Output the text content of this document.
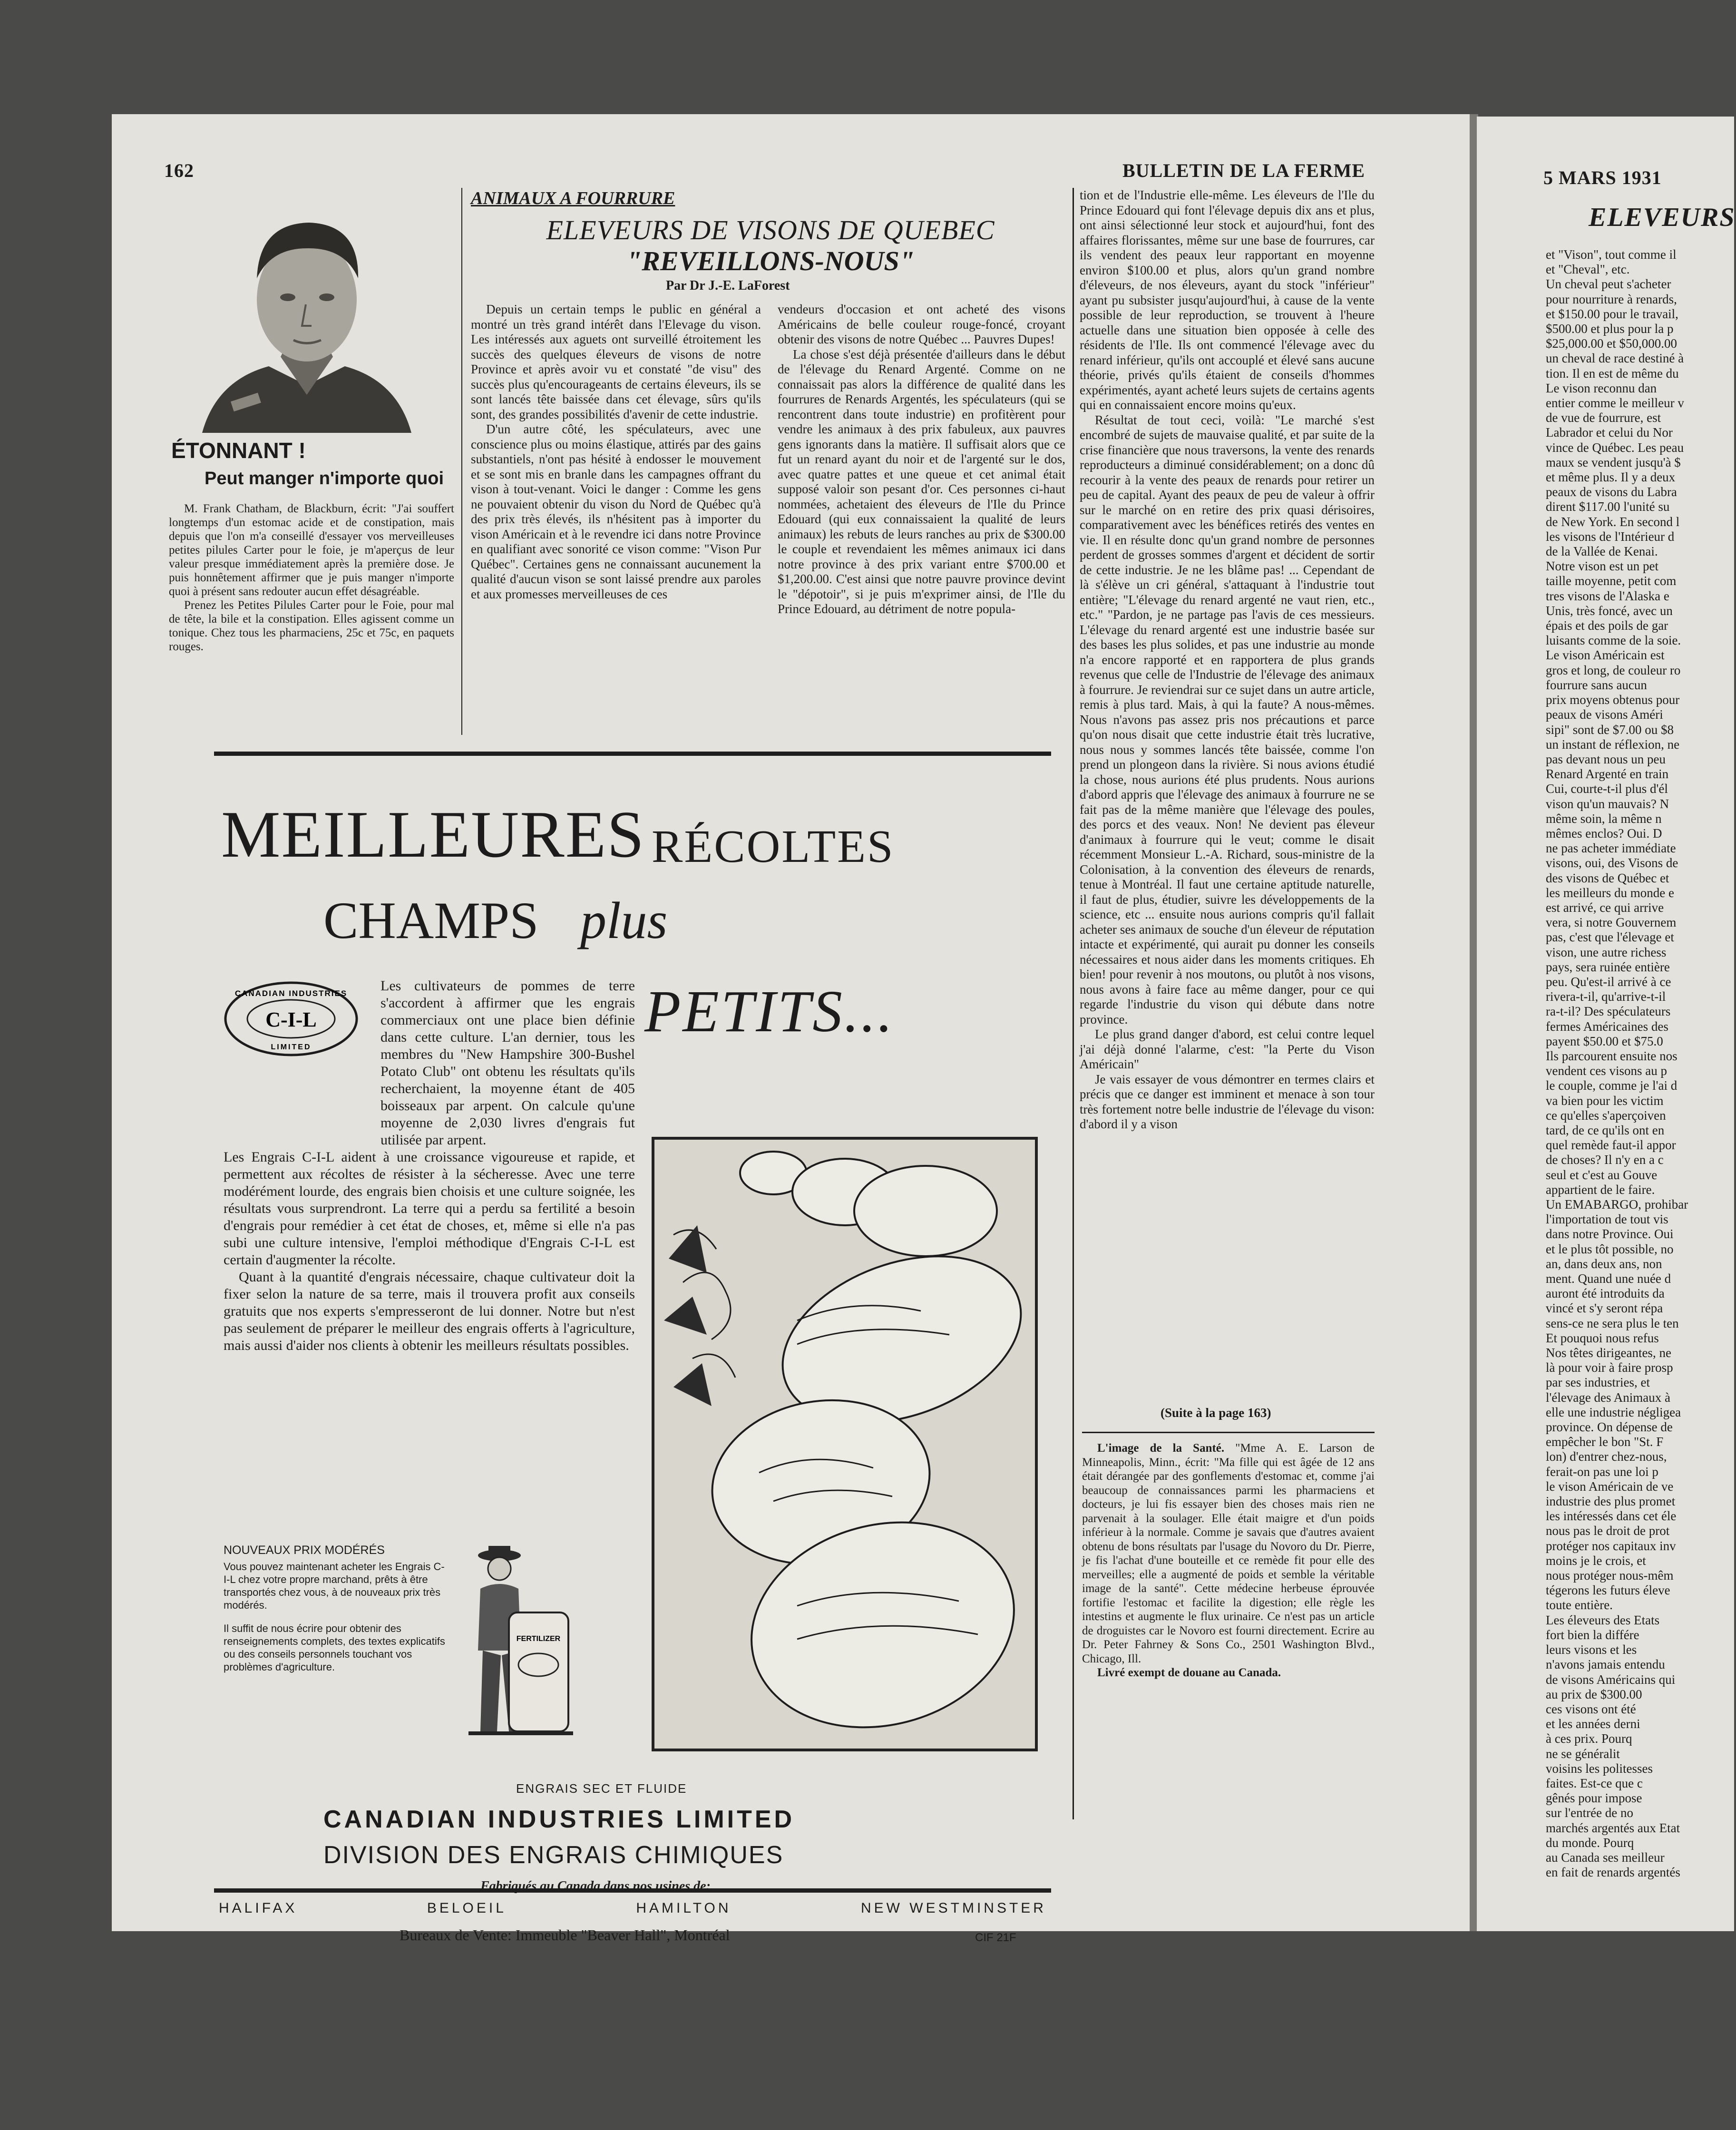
162	BULLETIN DE LA FERME	5 MARS 1931
ELEVEURS
ÉTONNANT !
Peut manger n'importe quoi

M. Frank Chatham, de Blackburn, écrit: "J'ai souffert longtemps d'un estomac acide et de constipation, mais depuis que l'on m'a conseillé d'essayer vos merveilleuses petites pilules Carter pour le foie, je m'aperçus de leur valeur presque immédiatement après la première dose. Je puis honnêtement affirmer que je puis manger n'importe quoi à présent sans redouter aucun effet désagréable.

Prenez les Petites Pilules Carter pour le Foie, pour mal de tête, la bile et la constipation. Elles agissent comme un tonique. Chez tous les pharmaciens, 25c et 75c, en paquets rouges.

ANIMAUX A FOURRURE
ELEVEURS DE VISONS DE QUEBEC
"REVEILLONS-NOUS"
Par Dr J.-E. LaForest

Depuis un certain temps le public en général a montré un très grand intérêt dans l'Elevage du vison. Les intéressés aux aguets ont surveillé étroitement les succès des quelques éleveurs de visons de notre Province et après avoir vu et constaté "de visu" des succès plus qu'encourageants de certains éleveurs, ils se sont lancés tête baissée dans cet élevage, sûrs qu'ils sont, des grandes possibilités d'avenir de cette industrie.

D'un autre côté, les spéculateurs, avec une conscience plus ou moins élastique, attirés par des gains substantiels, n'ont pas hésité à endosser le mouvement et se sont mis en branle dans les campagnes offrant du vison à tout-venant. Voici le danger : Comme les gens ne pouvaient obtenir du vison du Nord de Québec qu'à des prix très élevés, ils n'hésitent pas à importer du vison Américain et à le revendre ici dans notre Province en qualifiant avec sonorité ce vison comme: "Vison Pur Québec". Certaines gens ne connaissant aucunement la qualité d'aucun vison se sont laissé prendre aux paroles et aux promesses merveilleuses de ces

vendeurs d'occasion et ont acheté des visons Américains de belle couleur rouge-foncé, croyant obtenir des visons de notre Québec ... Pauvres Dupes!

La chose s'est déjà présentée d'ailleurs dans le début de l'élevage du Renard Argenté. Comme on ne connaissait pas alors la différence de qualité dans les fourrures de Renards Argentés, les spéculateurs (qui se rencontrent dans toute industrie) en profitèrent pour vendre les animaux à des prix fabuleux, aux pauvres gens ignorants dans la matière. Il suffisait alors que ce fut un renard ayant du noir et de l'argenté sur le dos, avec quatre pattes et une queue et cet animal était supposé valoir son pesant d'or. Ces personnes ci-haut nommées, achetaient des éleveurs de l'Ile du Prince Edouard (qui eux connaissaient la qualité de leurs animaux) les rebuts de leurs ranches au prix de $300.00 le couple et revendaient les mêmes animaux ici dans notre province à des prix variant entre $700.00 et $1,200.00. C'est ainsi que notre pauvre province devint le "dépotoir", si je puis m'exprimer ainsi, de l'Ile du Prince Edouard, au détriment de notre popula-

tion et de l'Industrie elle-même. Les éleveurs de l'Ile du Prince Edouard qui font l'élevage depuis dix ans et plus, ont ainsi sélectionné leur stock et aujourd'hui, font des affaires florissantes, même sur une base de fourrures, car ils vendent des peaux leur rapportant en moyenne environ $100.00 et plus, alors qu'un grand nombre d'éleveurs, de nos éleveurs, ayant du stock "inférieur" ayant pu subsister jusqu'aujourd'hui, à cause de la vente possible de leur reproduction, se trouvent à l'heure actuelle dans une situation bien opposée à celle des résidents de l'Ile. Ils ont commencé l'élevage avec du renard inférieur, qu'ils ont accouplé et élevé sans aucune théorie, privés qu'ils étaient de conseils d'hommes expérimentés, ayant acheté leurs sujets de certains agents qui en connaissaient encore moins qu'eux.

Résultat de tout ceci, voilà: "Le marché s'est encombré de sujets de mauvaise qualité, et par suite de la crise financière que nous traversons, la vente des renards reproducteurs a diminué considérablement; on a donc dû recourir à la vente des peaux de renards pour retirer un peu de capital. Ayant des peaux de peu de valeur à offrir sur le marché on en retire des prix quasi dérisoires, comparativement avec les bénéfices retirés des ventes en vie. Il en résulte donc qu'un grand nombre de personnes perdent de grosses sommes d'argent et décident de sortir de cette industrie. Je ne les blâme pas! ... Cependant de là s'élève un cri général, s'attaquant à l'industrie tout entière; "L'élevage du renard argenté ne vaut rien, etc., etc." "Pardon, je ne partage pas l'avis de ces messieurs. L'élevage du renard argenté est une industrie basée sur des bases les plus solides, et pas une industrie au monde n'a encore rapporté et en rapportera de plus grands revenus que celle de l'Industrie de l'élevage des animaux à fourrure. Je reviendrai sur ce sujet dans un autre article, remis à plus tard. Mais, à qui la faute? A nous-mêmes. Nous n'avons pas assez pris nos précautions et parce qu'on nous disait que cette industrie était très lucrative, nous nous y sommes lancés tête baissée, comme l'on prend un plongeon dans la rivière. Si nous avions étudié la chose, nous aurions été plus prudents. Nous aurions d'abord appris que l'élevage des animaux à fourrure ne se fait pas de la même manière que l'élevage des poules, des porcs et des veaux. Non! Ne devient pas éleveur d'animaux à fourrure qui le veut; comme le disait récemment Monsieur L.-A. Richard, sous-ministre de la Colonisation, à la convention des éleveurs de renards, tenue à Montréal. Il faut une certaine aptitude naturelle, il faut de plus, étudier, suivre les développements de la science, etc ... ensuite nous aurions compris qu'il fallait acheter ses animaux de souche d'un éleveur de réputation intacte et expérimenté, qui aurait pu donner les conseils nécessaires et nous aider dans les moments critiques. Eh bien! pour revenir à nos moutons, ou plutôt à nos visons, nous avons à faire face au même danger, pour ce qui regarde l'industrie du vison qui débute dans notre province.

Le plus grand danger d'abord, est celui contre lequel j'ai déjà donné l'alarme, c'est: "la Perte du Vison Américain"

Je vais essayer de vous démontrer en termes clairs et précis que ce danger est imminent et menace à son tour très fortement notre belle industrie de l'élevage du vison: d'abord il y a vison

(Suite à la page 163)

L'image de la Santé. "Mme A. E. Larson de Minneapolis, Minn., écrit: "Ma fille qui est âgée de 12 ans était dérangée par des gonflements d'estomac et, comme j'ai beaucoup de connaissances parmi les pharmaciens et docteurs, je lui fis essayer bien des choses mais rien ne parvenait à la soulager. Elle était maigre et d'un poids inférieur à la normale. Comme je savais que d'autres avaient obtenu de bons résultats par l'usage du Novoro du Dr. Pierre, je fis l'achat d'une bouteille et ce remède fit pour elle des merveilles; elle a augmenté de poids et semble la véritable image de la santé". Cette médecine herbeuse éprouvée fortifie l'estomac et facilite la digestion; elle règle les intestins et augmente le flux urinaire. Ce n'est pas un article de droguistes car le Novoro est fourni directement. Ecrire au Dr. Peter Fahrney & Sons Co., 2501 Washington Blvd., Chicago, Ill.

Livré exempt de douane au Canada.

MEILLEURES RÉCOLTES
CHAMPS plus
PETITS...
CANADIAN INDUSTRIES
C-I-L
LIMITED

Les cultivateurs de pommes de terre s'accordent à affirmer que les engrais commerciaux ont une place bien définie dans cette culture. L'an dernier, tous les membres du "New Hampshire 300-Bushel Potato Club" ont obtenu les résultats qu'ils recherchaient, la moyenne étant de 405 boisseaux par arpent. On calcule qu'une moyenne de 2,030 livres d'engrais fut utilisée par arpent.

Les Engrais C-I-L aident à une croissance vigoureuse et rapide, et permettent aux récoltes de résister à la sécheresse. Avec une terre modérément lourde, des engrais bien choisis et une culture soignée, les résultats vous surprendront. La terre qui a perdu sa fertilité a besoin d'engrais pour remédier à cet état de choses, et, même si elle n'a pas subi une culture intensive, l'emploi méthodique d'Engrais C-I-L est certain d'augmenter la récolte.

Quant à la quantité d'engrais nécessaire, chaque cultivateur doit la fixer selon la nature de sa terre, mais il trouvera profit aux conseils gratuits que nos experts s'empresseront de lui donner. Notre but n'est pas seulement de préparer le meilleur des engrais offerts à l'agriculture, mais aussi d'aider nos clients à obtenir les meilleurs résultats possibles.

NOUVEAUX PRIX MODÉRÉS

Vous pouvez maintenant acheter les Engrais C-I-L chez votre propre marchand, prêts à être transportés chez vous, à de nouveaux prix très modérés.

Il suffit de nous écrire pour obtenir des renseignements complets, des textes explicatifs ou des conseils personnels touchant vos problèmes d'agriculture.

FERTILIZER
ENGRAIS SEC ET FLUIDE
CANADIAN INDUSTRIES LIMITED
DIVISION DES ENGRAIS CHIMIQUES
Fabriqués au Canada dans nos usines de:
HALIFAX	BELOEIL	HAMILTON	NEW WESTMINSTER
Bureaux de Vente: Immeuble "Beaver Hall", Montréal	CIF 21F
et "Vison", tout comme il
et "Cheval", etc.
Un cheval peut s'acheter
pour nourriture à renards,
et $150.00 pour le travail,
$500.00 et plus pour la p
$25,000.00 et $50,000.00
un cheval de race destiné à
tion. Il en est de même du
Le vison reconnu dan
entier comme le meilleur v
de vue de fourrure, est
Labrador et celui du Nor
vince de Québec. Les peau
maux se vendent jusqu'à $
et même plus. Il y a deux
peaux de visons du Labra
dirent $117.00 l'unité su
de New York. En second l
les visons de l'Intérieur d
de la Vallée de Kenai.
Notre vison est un pet
taille moyenne, petit com
tres visons de l'Alaska e
Unis, très foncé, avec un
épais et des poils de gar
luisants comme de la soie.
Le vison Américain est
gros et long, de couleur ro
fourrure sans aucun
prix moyens obtenus pour
peaux de visons Améri
sipi" sont de $7.00 ou $8
un instant de réflexion, ne
pas devant nous un peu
Renard Argenté en train
Cui, courte-t-il plus d'él
vison qu'un mauvais? N
même soin, la même n
mêmes enclos? Oui. D
ne pas acheter immédiate
visons, oui, des Visons de
des visons de Québec et
les meilleurs du monde e
est arrivé, ce qui arrive
vera, si notre Gouvernem
pas, c'est que l'élevage et
vison, une autre richess
pays, sera ruinée entière
peu. Qu'est-il arrivé à ce
rivera-t-il, qu'arrive-t-il
ra-t-il? Des spéculateurs
fermes Américaines des
payent $50.00 et $75.0
Ils parcourent ensuite nos
vendent ces visons au p
le couple, comme je l'ai d
va bien pour les victim
ce qu'elles s'aperçoiven
tard, de ce qu'ils ont en
quel remède faut-il appor
de choses? Il n'y en a c
seul et c'est au Gouve
appartient de le faire.
Un EMABARGO, prohibar
l'importation de tout vis
dans notre Province. Oui
et le plus tôt possible, no
an, dans deux ans, non
ment. Quand une nuée d
auront été introduits da
vincé et s'y seront répa
sens-ce ne sera plus le ten
Et pouquoi nous refus
Nos têtes dirigeantes, ne
là pour voir à faire prosp
par ses industries, et
l'élevage des Animaux à
elle une industrie négligea
province. On dépense de
empêcher le bon "St. F
lon) d'entrer chez-nous,
ferait-on pas une loi p
le vison Américain de ve
industrie des plus promet
les intéressés dans cet éle
nous pas le droit de prot
protéger nos capitaux inv
moins je le crois, et
nous protéger nous-mêm
tégerons les futurs éleve
toute entière.
Les éleveurs des Etats
fort bien la différe
leurs visons et les
n'avons jamais entendu
de visons Américains qui
au prix de $300.00
ces visons ont été
et les années derni
à ces prix. Pourq
ne se généralit
voisins les politesses
faites. Est-ce que c
gênés pour impose
sur l'entrée de no
marchés argentés aux Etat
du monde. Pourq
au Canada ses meilleur
en fait de renards argentés
